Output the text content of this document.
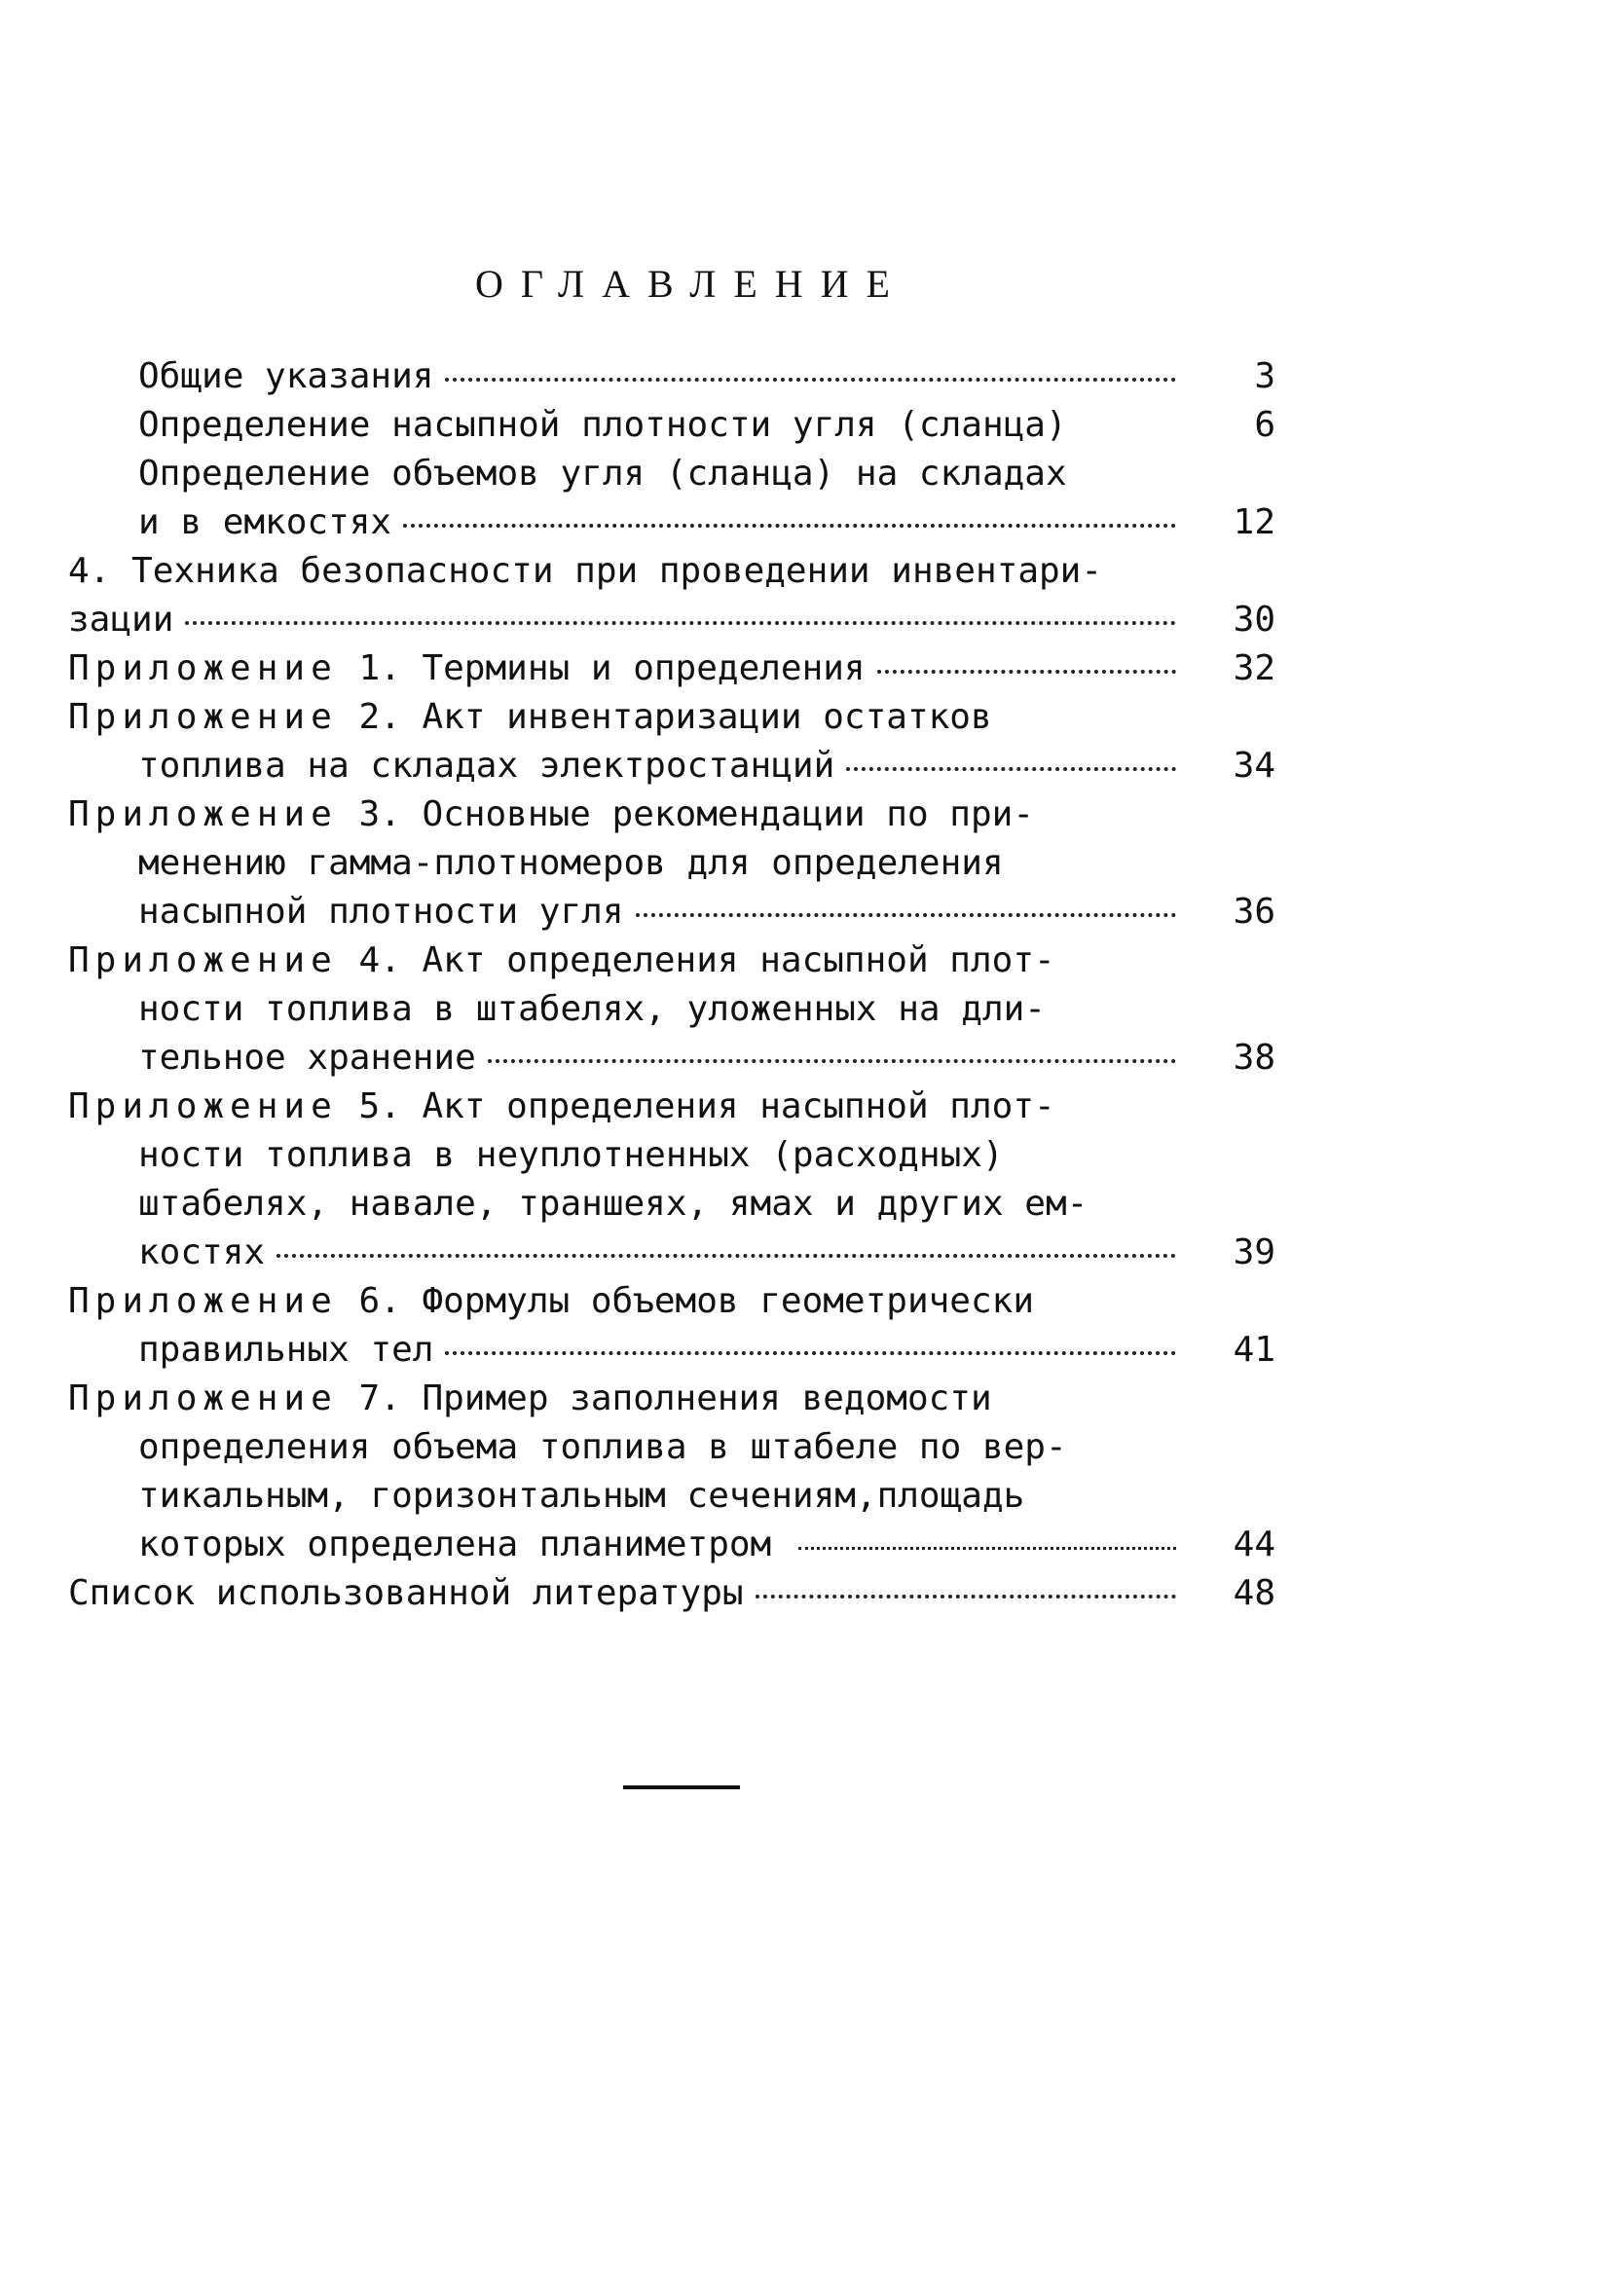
ОГЛАВЛЕНИЕ
Общие указания	3
Определение насыпной плотности угля (сланца)	6
Определение объемов угля (сланца) на складах
и в емкостях	12
4. Техника безопасности при проведении инвентари-
зации	30
Приложение 1. Термины и определения	32
Приложение 2. Акт инвентаризации остатков
топлива на складах электростанций	34
Приложение 3. Основные рекомендации по при-
менению гамма-плотномеров для определения
насыпной плотности угля	36
Приложение 4. Акт определения насыпной плот-
ности топлива в штабелях, уложенных на дли-
тельное хранение	38
Приложение 5. Акт определения насыпной плот-
ности топлива в неуплотненных (расходных)
штабелях, навале, траншеях, ямах и других ем-
костях	39
Приложение 6. Формулы объемов геометрически
правильных тел	41
Приложение 7. Пример заполнения ведомости
определения объема топлива в штабеле по вер-
тикальным, горизонтальным сечениям,площадь
которых определена планиметром	44
Список использованной литературы	48
